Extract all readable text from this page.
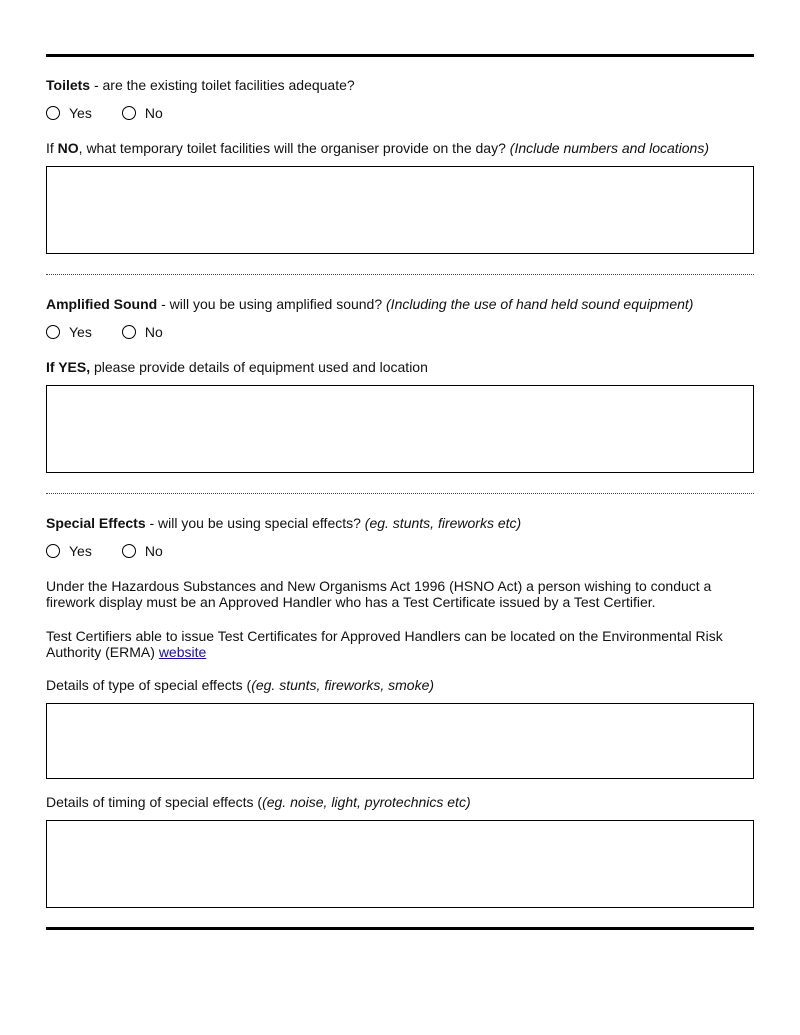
Toilets - are the existing toilet facilities adequate?
Yes	No
If NO, what temporary toilet facilities will the organiser provide on the day? (Include numbers and locations)
Amplified Sound - will you be using amplified sound? (Including the use of hand held sound equipment)
Yes	No
If YES, please provide details of equipment used and location
Special Effects - will you be using special effects? (eg. stunts, fireworks etc)
Yes	No
Under the Hazardous Substances and New Organisms Act 1996 (HSNO Act) a person wishing to conduct a firework display must be an Approved Handler who has a Test Certificate issued by a Test Certifier.
Test Certifiers able to issue Test Certificates for Approved Handlers can be located on the Environmental Risk Authority (ERMA) website
Details of type of special effects ((eg. stunts, fireworks, smoke)
Details of timing of special effects ((eg. noise, light, pyrotechnics etc)
